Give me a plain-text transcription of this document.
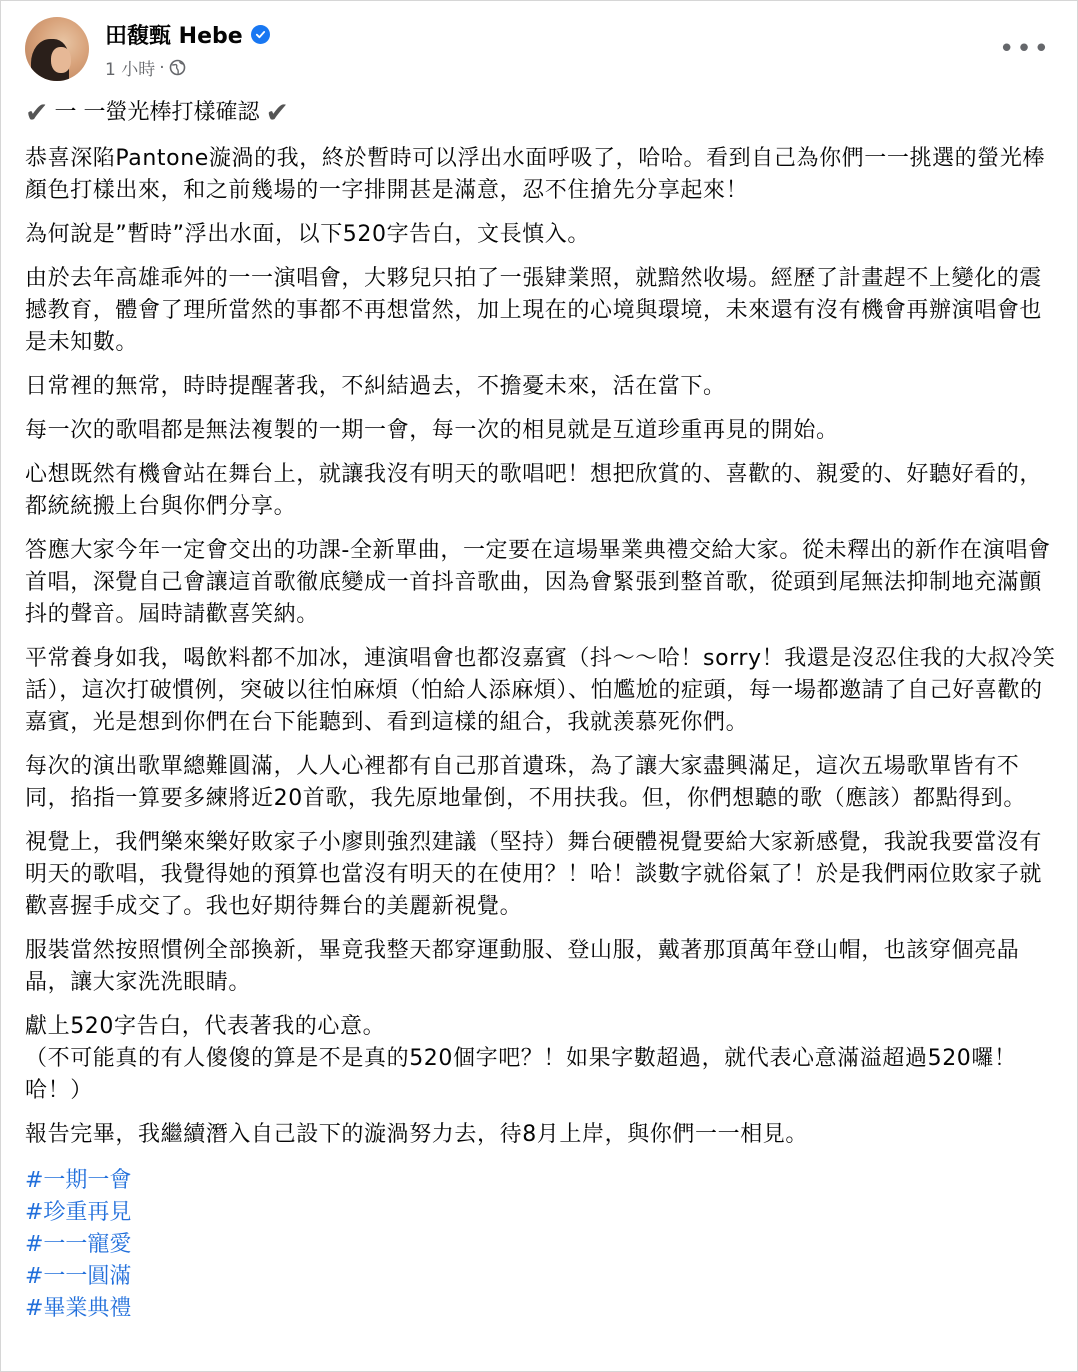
田馥甄 Hebe
1 小時 ·
•••
✔ 一 一螢光棒打樣確認 ✔

恭喜深陷Pantone漩渦的我，終於暫時可以浮出水面呼吸了，哈哈。看到自己為你們一一挑選的螢光棒顏色打樣出來，和之前幾場的一字排開甚是滿意，忍不住搶先分享起來！

為何說是”暫時”浮出水面，以下520字告白，文長慎入。

由於去年高雄乖舛的一一演唱會，大夥兒只拍了一張肄業照，就黯然收場。經歷了計畫趕不上變化的震撼教育，體會了理所當然的事都不再想當然，加上現在的心境與環境，未來還有沒有機會再辦演唱會也是未知數。

日常裡的無常，時時提醒著我，不糾結過去，不擔憂未來，活在當下。

每一次的歌唱都是無法複製的一期一會，每一次的相見就是互道珍重再見的開始。

心想既然有機會站在舞台上，就讓我沒有明天的歌唱吧！想把欣賞的、喜歡的、親愛的、好聽好看的，都統統搬上台與你們分享。

答應大家今年一定會交出的功課-全新單曲，一定要在這場畢業典禮交給大家。從未釋出的新作在演唱會首唱，深覺自己會讓這首歌徹底變成一首抖音歌曲，因為會緊張到整首歌，從頭到尾無法抑制地充滿顫抖的聲音。屆時請歡喜笑納。

平常養身如我，喝飲料都不加冰，連演唱會也都沒嘉賓（抖～～哈！sorry！我還是沒忍住我的大叔冷笑話），這次打破慣例，突破以往怕麻煩（怕給人添麻煩）、怕尷尬的症頭，每一場都邀請了自己好喜歡的嘉賓，光是想到你們在台下能聽到、看到這樣的組合，我就羡慕死你們。

每次的演出歌單總難圓滿，人人心裡都有自己那首遺珠，為了讓大家盡興滿足，這次五場歌單皆有不同，掐指一算要多練將近20首歌，我先原地暈倒，不用扶我。但，你們想聽的歌（應該）都點得到。

視覺上，我們樂來樂好敗家子小廖則強烈建議（堅持）舞台硬體視覺要給大家新感覺，我說我要當沒有明天的歌唱，我覺得她的預算也當沒有明天的在使用？！哈！談數字就俗氣了！於是我們兩位敗家子就歡喜握手成交了。我也好期待舞台的美麗新視覺。

服裝當然按照慣例全部換新，畢竟我整天都穿運動服、登山服，戴著那頂萬年登山帽，也該穿個亮晶晶，讓大家洗洗眼睛。

獻上520字告白，代表著我的心意。

（不可能真的有人傻傻的算是不是真的520個字吧？！如果字數超過，就代表心意滿溢超過520囉！哈！）

報告完畢，我繼續潛入自己設下的漩渦努力去，待8月上岸，與你們一一相見。

#一期一會
#珍重再見
#一一寵愛
#一一圓滿
#畢業典禮
